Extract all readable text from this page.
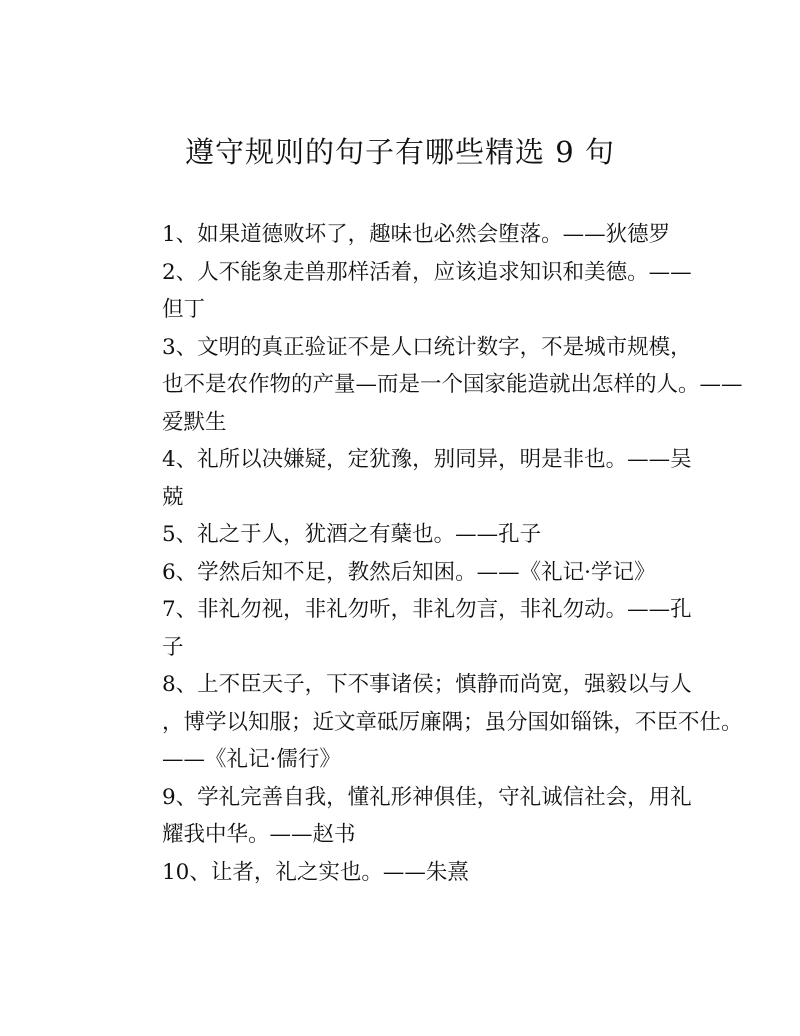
遵守规则的句子有哪些精选 9 句

1、如果道德败坏了，趣味也必然会堕落。——狄德罗

2、人不能象走兽那样活着，应该追求知识和美德。——
但丁

3、文明的真正验证不是人口统计数字，不是城市规模，
也不是农作物的产量—而是一个国家能造就出怎样的人。——
爱默生

4、礼所以决嫌疑，定犹豫，别同异，明是非也。——吴
兢

5、礼之于人，犹酒之有蘖也。——孔子

6、学然后知不足，教然后知困。——《礼记·学记》

7、非礼勿视，非礼勿听，非礼勿言，非礼勿动。——孔
子

8、上不臣天子，下不事诸侯；慎静而尚宽，强毅以与人
，博学以知服；近文章砥厉廉隅；虽分国如锱铢，不臣不仕。
——《礼记·儒行》

9、学礼完善自我，懂礼形神俱佳，守礼诚信社会，用礼
耀我中华。——赵书

10、让者，礼之实也。——朱熹
